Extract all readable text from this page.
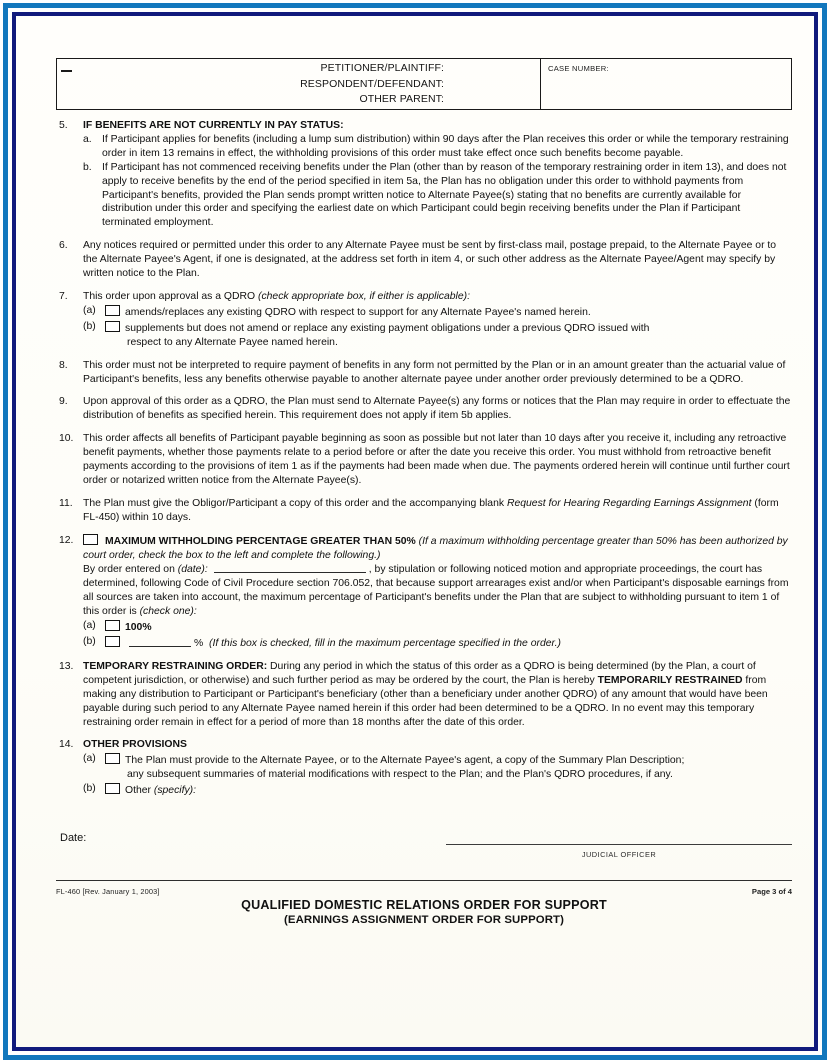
PETITIONER/PLAINTIFF:
RESPONDENT/DEFENDANT:
OTHER PARENT:
CASE NUMBER:
5.	IF BENEFITS ARE NOT CURRENTLY IN PAY STATUS:

a. If Participant applies for benefits (including a lump sum distribution) within 90 days after the Plan receives this order or while the temporary restraining order in item 13 remains in effect, the withholding provisions of this order must take effect once such benefits become payable.
b. If Participant has not commenced receiving benefits under the Plan (other than by reason of the temporary restraining order in item 13), and does not apply to receive benefits by the end of the period specified in item 5a, the Plan has no obligation under this order to withhold payments from Participant's benefits, provided the Plan sends prompt written notice to Alternate Payee(s) stating that no benefits are currently available for distribution under this order and specifying the earliest date on which Participant could begin receiving benefits under the Plan if Participant terminated employment.
6.	Any notices required or permitted under this order to any Alternate Payee must be sent by first-class mail, postage prepaid, to the Alternate Payee or to the Alternate Payee's Agent, if one is designated, at the address set forth in item 4, or such other address as the Alternate Payee/Agent may specify by written notice to the Plan.
7.	This order upon approval as a QDRO (check appropriate box, if either is applicable):

(a)	amends/replaces any existing QDRO with respect to support for any Alternate Payee's named herein.
(b)	supplements but does not amend or replace any existing payment obligations under a previous QDRO issued with
respect to any Alternate Payee named herein.
8.	This order must not be interpreted to require payment of benefits in any form not permitted by the Plan or in an amount greater than the actuarial value of Participant's benefits, less any benefits otherwise payable to another alternate payee under another order previously determined to be a QDRO.
9.	Upon approval of this order as a QDRO, the Plan must send to Alternate Payee(s) any forms or notices that the Plan may require in order to effectuate the distribution of benefits as specified herein. This requirement does not apply if item 5b applies.
10. This order affects all benefits of Participant payable beginning as soon as possible but not later than 10 days after you receive it, including any retroactive benefit payments, whether those payments relate to a period before or after the date you receive this order. You must withhold from retroactive benefit payments according to the provisions of item 1 as if the payments had been made when due. The payments ordered herein will continue until further court order or notarized written notice from the Alternate Payee(s).
11. The Plan must give the Obligor/Participant a copy of this order and the accompanying blank Request for Hearing Regarding Earnings Assignment (form FL-450) within 10 days.
12.	MAXIMUM WITHHOLDING PERCENTAGE GREATER THAN 50% (If a maximum withholding percentage greater than 50% has been authorized by court order, check the box to the left and complete the following.)

By order entered on (date):	, by stipulation or following noticed motion and appropriate proceedings, the court has determined, following Code of Civil Procedure section 706.052, that because support arrearages exist and/or when Participant's disposable earnings from all sources are taken into account, the maximum percentage of Participant's benefits under the Plan that are subject to withholding pursuant to item 1 of this order is (check one):

(a)	100%
(b)	% (If this box is checked, fill in the maximum percentage specified in the order.)
13. TEMPORARY RESTRAINING ORDER: During any period in which the status of this order as a QDRO is being determined (by the Plan, a court of competent jurisdiction, or otherwise) and such further period as may be ordered by the court, the Plan is hereby TEMPORARILY RESTRAINED from making any distribution to Participant or Participant's beneficiary (other than a beneficiary under another QDRO) of any amount that would have been payable during such period to any Alternate Payee named herein if this order had been determined to be a QDRO. In no event may this temporary restraining order remain in effect for a period of more than 18 months after the date of this order.
14. OTHER PROVISIONS

(a)	The Plan must provide to the Alternate Payee, or to the Alternate Payee's agent, a copy of the Summary Plan Description;
any subsequent summaries of material modifications with respect to the Plan; and the Plan's QDRO procedures, if any.
(b)	Other (specify):
Date:
JUDICIAL OFFICER
FL-460 [Rev. January 1, 2003]	Page 3 of 4
QUALIFIED DOMESTIC RELATIONS ORDER FOR SUPPORT
(EARNINGS ASSIGNMENT ORDER FOR SUPPORT)
